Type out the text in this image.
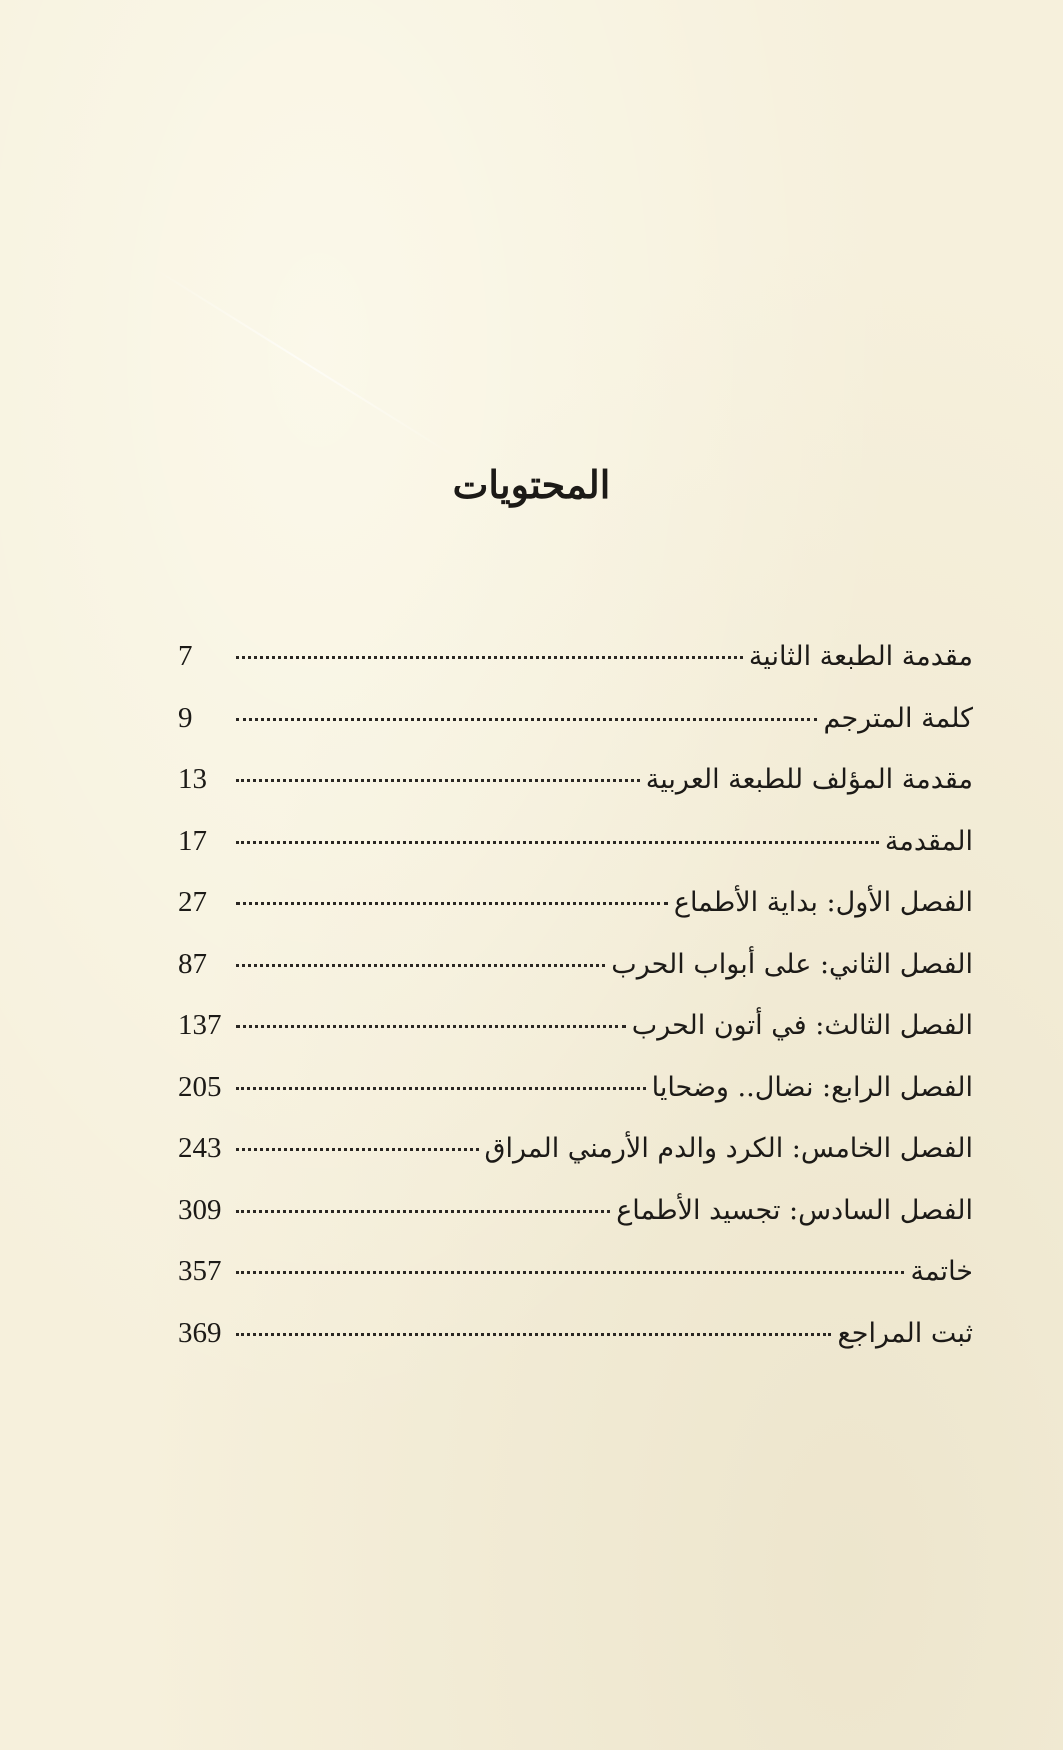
المحتويات
مقدمة الطبعة الثانية
7
كلمة المترجم
9
مقدمة المؤلف للطبعة العربية
13
المقدمة
17
الفصل الأول: بداية الأطماع
27
الفصل الثاني: على أبواب الحرب
87
الفصل الثالث: في أتون الحرب
137
الفصل الرابع: نضال.. وضحايا
205
الفصل الخامس: الكرد والدم الأرمني المراق
243
الفصل السادس: تجسيد الأطماع
309
خاتمة
357
ثبت المراجع
369
